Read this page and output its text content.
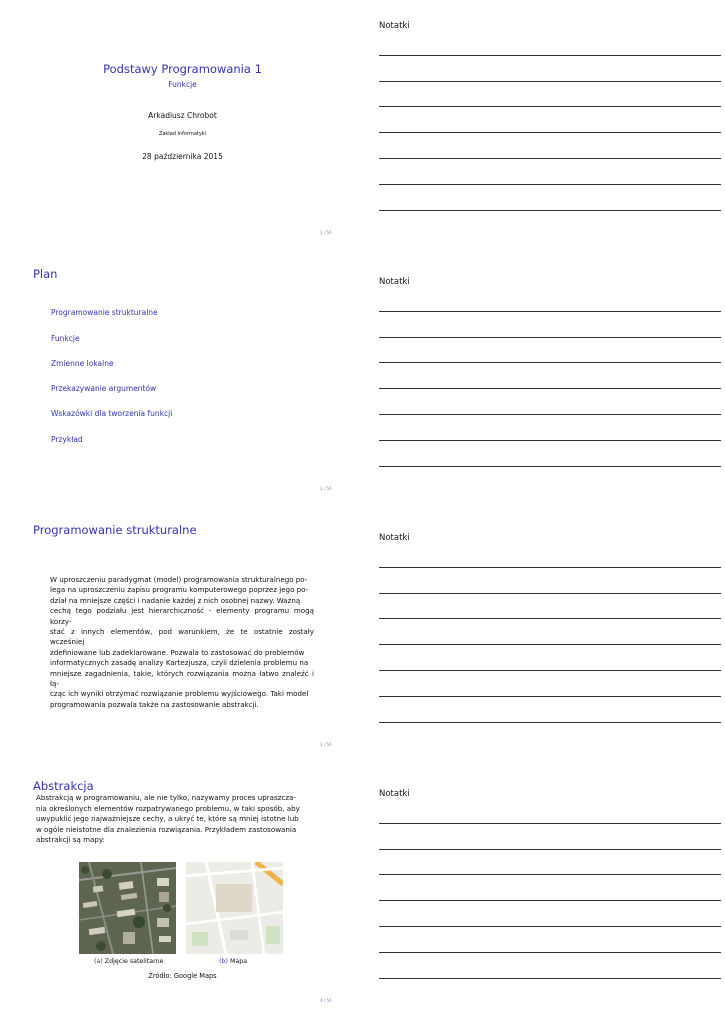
Podstawy Programowania 1
Funkcje
Arkadiusz Chrobot
Zakład Informatyki
28 października 2015
1 / 56
Notatki
Plan
Programowanie strukturalne
Funkcje
Zmienne lokalne
Przekazywanie argumentów
Wskazówki dla tworzenia funkcji
Przykład
2 / 56
Notatki
Programowanie strukturalne
W uproszczeniu paradygmat (model) programowania strukturalnego po-
lega na uproszczeniu zapisu programu komputerowego poprzez jego po-
dział na mniejsze części i nadanie każdej z nich osobnej nazwy. Ważną
cechą tego podziału jest hierarchiczność - elementy programu mogą korzy-
stać z innych elementów, pod warunkiem, że te ostatnie zostały wcześniej
zdefiniowane lub zadeklarowane. Pozwala to zastosować do problemów
informatycznych zasadę analizy Kartezjusza, czyli dzielenia problemu na
mniejsze zagadnienia, takie, których rozwiązania można łatwo znaleźć i łą-
cząc ich wyniki otrzymać rozwiązanie problemu wyjściowego. Taki model
programowania pozwala także na zastosowanie abstrakcji.
3 / 56
Notatki
Abstrakcja
Abstrakcją w programowaniu, ale nie tylko, nazywamy proces upraszcza-
nia określonych elementów rozpatrywanego problemu, w taki sposób, aby
uwypuklić jego najważniejsze cechy, a ukryć te, które są mniej istotne lub
w ogóle nieistotne dla znalezienia rozwiązania. Przykładem zastosowania
abstrakcji są mapy:
.
(a) Zdjęcie satelitarne	(b) Mapa
Źródło: Google Maps
4 / 56
Notatki
